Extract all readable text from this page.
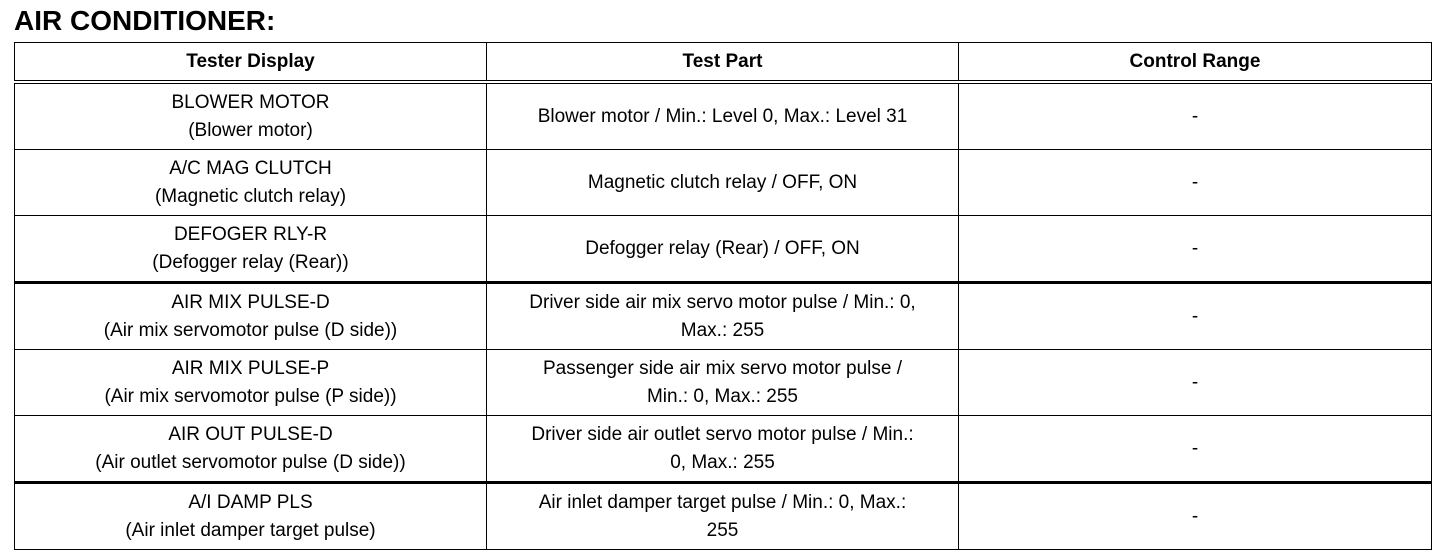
AIR CONDITIONER:
Tester Display	Test Part	Control Range

BLOWER MOTOR
(Blower motor)	Blower motor / Min.: Level 0, Max.: Level 31	-

A/C MAG CLUTCH
(Magnetic clutch relay)	Magnetic clutch relay / OFF, ON	-

DEFOGER RLY-R
(Defogger relay (Rear))	Defogger relay (Rear) / OFF, ON	-

AIR MIX PULSE-D
(Air mix servomotor pulse (D side))	Driver side air mix servo motor pulse / Min.: 0,
Max.: 255	-

AIR MIX PULSE-P
(Air mix servomotor pulse (P side))	Passenger side air mix servo motor pulse /
Min.: 0, Max.: 255	-

AIR OUT PULSE-D
(Air outlet servomotor pulse (D side))	Driver side air outlet servo motor pulse / Min.:
0, Max.: 255	-

A/I DAMP PLS
(Air inlet damper target pulse)	Air inlet damper target pulse / Min.: 0, Max.:
255	-
